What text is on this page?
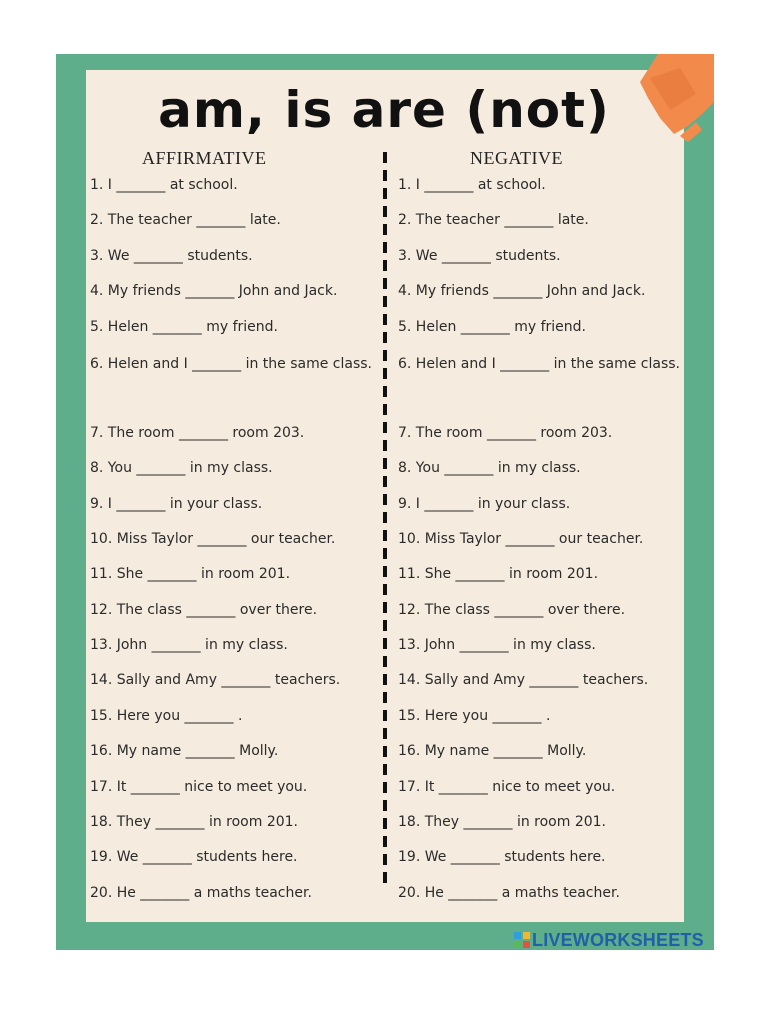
am, is are (not)
AFFIRMATIVE	NEGATIVE
1. I _______ at school.
2. The teacher _______ late.
3. We _______ students.
4. My friends _______ John and Jack.
5. Helen _______ my friend.
6. Helen and I _______ in the same class.
7. The room _______ room 203.
8. You _______ in my class.
9. I _______ in your class.
10. Miss Taylor _______ our teacher.
11. She _______ in room 201.
12. The class _______ over there.
13. John _______ in my class.
14. Sally and Amy _______ teachers.
15. Here you _______ .
16. My name _______ Molly.
17. It _______ nice to meet you.
18. They _______ in room 201.
19. We _______ students here.
20. He _______ a maths teacher.
1. I _______ at school.
2. The teacher _______ late.
3. We _______ students.
4. My friends _______ John and Jack.
5. Helen _______ my friend.
6. Helen and I _______ in the same class.
7. The room _______ room 203.
8. You _______ in my class.
9. I _______ in your class.
10. Miss Taylor _______ our teacher.
11. She _______ in room 201.
12. The class _______ over there.
13. John _______ in my class.
14. Sally and Amy _______ teachers.
15. Here you _______ .
16. My name _______ Molly.
17. It _______ nice to meet you.
18. They _______ in room 201.
19. We _______ students here.
20. He _______ a maths teacher.
LIVEWORKSHEETS
